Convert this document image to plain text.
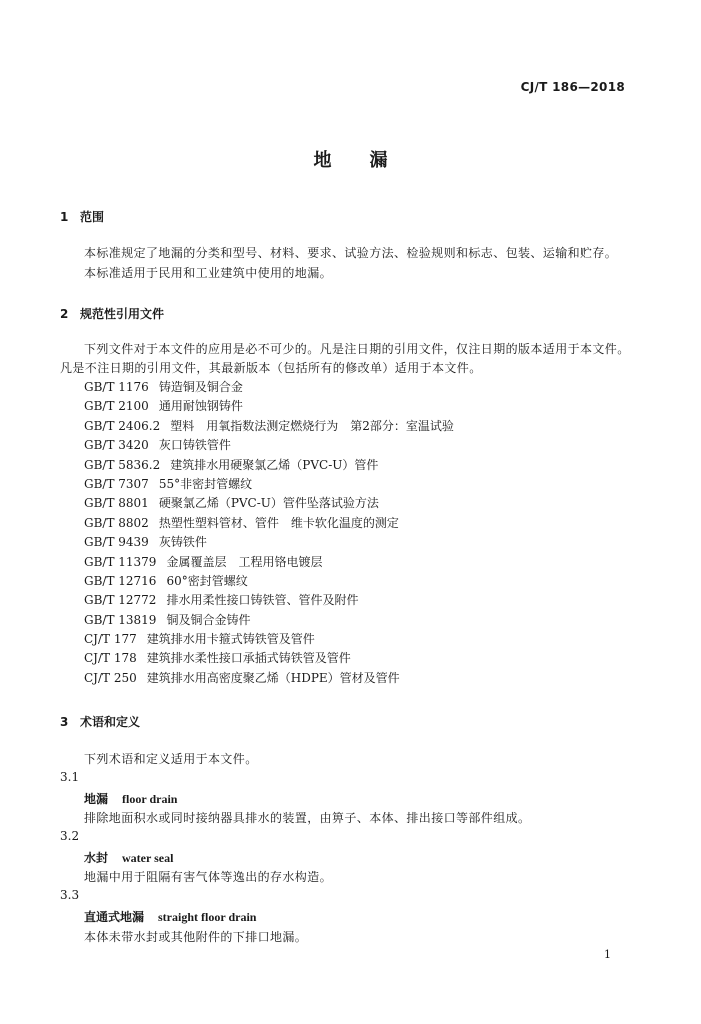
CJ/T 186—2018
地漏
1 范围
本标准规定了地漏的分类和型号、材料、要求、试验方法、检验规则和标志、包装、运输和贮存。
本标准适用于民用和工业建筑中使用的地漏。
2 规范性引用文件
下列文件对于本文件的应用是必不可少的。凡是注日期的引用文件，仅注日期的版本适用于本文件。凡是不注日期的引用文件，其最新版本（包括所有的修改单）适用于本文件。
GB/T 1176 铸造铜及铜合金
GB/T 2100 通用耐蚀钢铸件
GB/T 2406.2 塑料　用氧指数法测定燃烧行为　第2部分：室温试验
GB/T 3420 灰口铸铁管件
GB/T 5836.2 建筑排水用硬聚氯乙烯（PVC-U）管件
GB/T 7307 55°非密封管螺纹
GB/T 8801 硬聚氯乙烯（PVC-U）管件坠落试验方法
GB/T 8802 热塑性塑料管材、管件　维卡软化温度的测定
GB/T 9439 灰铸铁件
GB/T 11379 金属覆盖层　工程用铬电镀层
GB/T 12716 60°密封管螺纹
GB/T 12772 排水用柔性接口铸铁管、管件及附件
GB/T 13819 铜及铜合金铸件
CJ/T 177 建筑排水用卡箍式铸铁管及管件
CJ/T 178 建筑排水柔性接口承插式铸铁管及管件
CJ/T 250 建筑排水用高密度聚乙烯（HDPE）管材及管件
3 术语和定义
下列术语和定义适用于本文件。
3.1
地漏 floor drain
排除地面积水或同时接纳器具排水的装置，由箅子、本体、排出接口等部件组成。
3.2
水封 water seal
地漏中用于阻隔有害气体等逸出的存水构造。
3.3
直通式地漏 straight floor drain
本体未带水封或其他附件的下排口地漏。
1
